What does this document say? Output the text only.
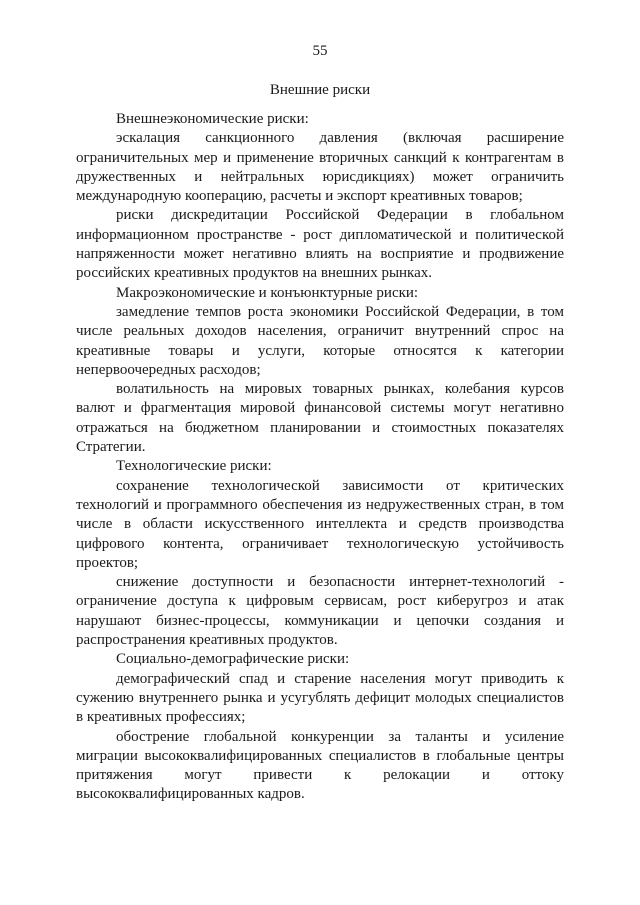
55
Внешние риски

Внешнеэкономические риски:

эскалация санкционного давления (включая расширение ограничительных мер и применение вторичных санкций к контрагентам в дружественных и нейтральных юрисдикциях) может ограничить международную кооперацию, расчеты и экспорт креативных товаров;

риски дискредитации Российской Федерации в глобальном информационном пространстве - рост дипломатической и политической напряженности может негативно влиять на восприятие и продвижение российских креативных продуктов на внешних рынках.

Макроэкономические и конъюнктурные риски:

замедление темпов роста экономики Российской Федерации, в том числе реальных доходов населения, ограничит внутренний спрос на креативные товары и услуги, которые относятся к категории непервоочередных расходов;

волатильность на мировых товарных рынках, колебания курсов валют и фрагментация мировой финансовой системы могут негативно отражаться на бюджетном планировании и стоимостных показателях Стратегии.

Технологические риски:

сохранение технологической зависимости от критических технологий и программного обеспечения из недружественных стран, в том числе в области искусственного интеллекта и средств производства цифрового контента, ограничивает технологическую устойчивость проектов;

снижение доступности и безопасности интернет-технологий - ограничение доступа к цифровым сервисам, рост киберугроз и атак нарушают бизнес-процессы, коммуникации и цепочки создания и распространения креативных продуктов.

Социально-демографические риски:

демографический спад и старение населения могут приводить к сужению внутреннего рынка и усугублять дефицит молодых специалистов в креативных профессиях;

обострение глобальной конкуренции за таланты и усиление миграции высококвалифицированных специалистов в глобальные центры притяжения могут привести к релокации и оттоку высококвалифицированных кадров.
